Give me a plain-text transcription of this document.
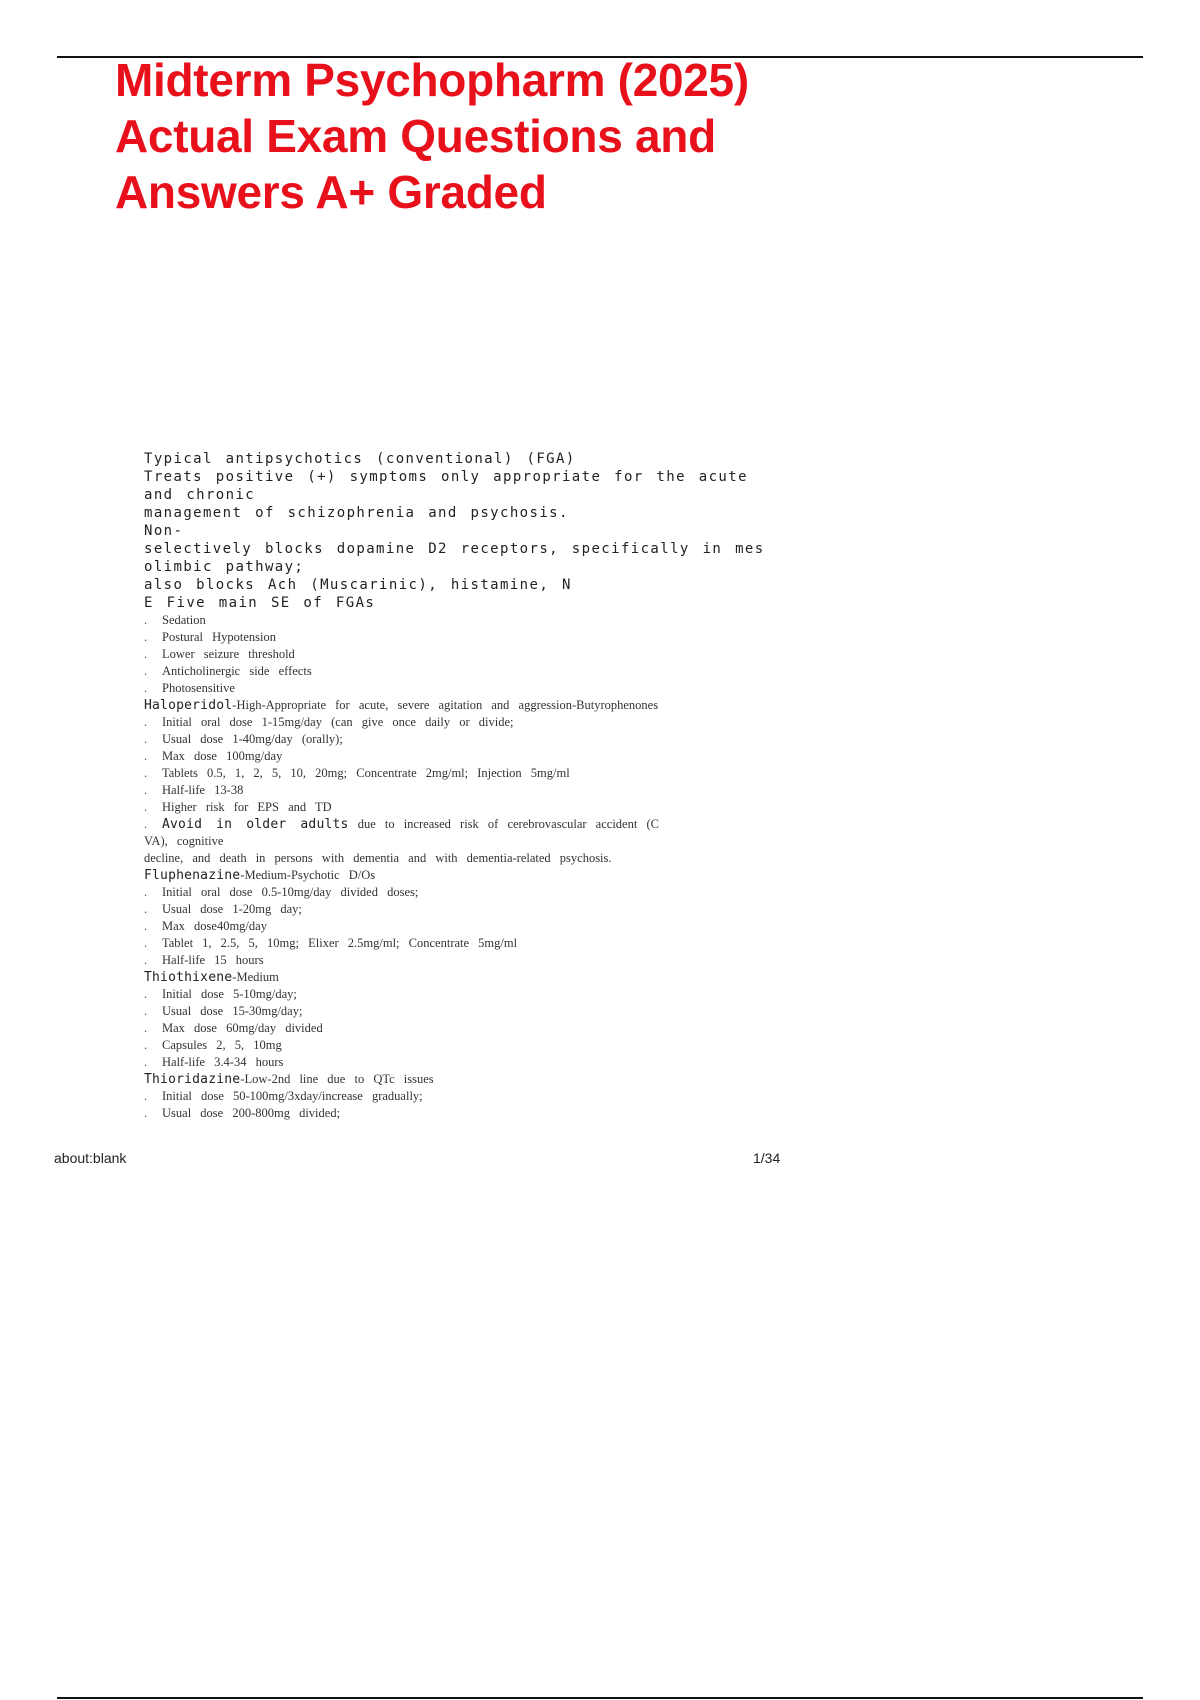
Midterm Psychopharm (2025) Actual Exam Questions and Answers A+ Graded

Typical antipsychotics (conventional) (FGA)

Treats positive (+) symptoms only appropriate for the acute

and chronic

management of schizophrenia and psychosis.

Non-

selectively blocks dopamine D2 receptors, specifically in mes

olimbic pathway;

also blocks Ach (Muscarinic), histamine, N

E Five main SE of FGAs

. Sedation

. Postural Hypotension

. Lower seizure threshold

. Anticholinergic side effects

. Photosensitive

Haloperidol-High-Appropriate for acute, severe agitation and aggression-Butyrophenones

. Initial oral dose 1-15mg/day (can give once daily or divide;

. Usual dose 1-40mg/day (orally);

. Max dose 100mg/day

. Tablets 0.5, 1, 2, 5, 10, 20mg; Concentrate 2mg/ml; Injection 5mg/ml

. Half-life 13-38

. Higher risk for EPS and TD

. Avoid in older adults due to increased risk of cerebrovascular accident (C

VA), cognitive

decline, and death in persons with dementia and with dementia-related psychosis.

Fluphenazine-Medium-Psychotic D/Os

. Initial oral dose 0.5-10mg/day divided doses;

. Usual dose 1-20mg day;

. Max dose40mg/day

. Tablet 1, 2.5, 5, 10mg; Elixer 2.5mg/ml; Concentrate 5mg/ml

. Half-life 15 hours

Thiothixene-Medium

. Initial dose 5-10mg/day;

. Usual dose 15-30mg/day;

. Max dose 60mg/day divided

. Capsules 2, 5, 10mg

. Half-life 3.4-34 hours

Thioridazine-Low-2nd line due to QTc issues

. Initial dose 50-100mg/3xday/increase gradually;

. Usual dose 200-800mg divided;

about:blank	1/34
